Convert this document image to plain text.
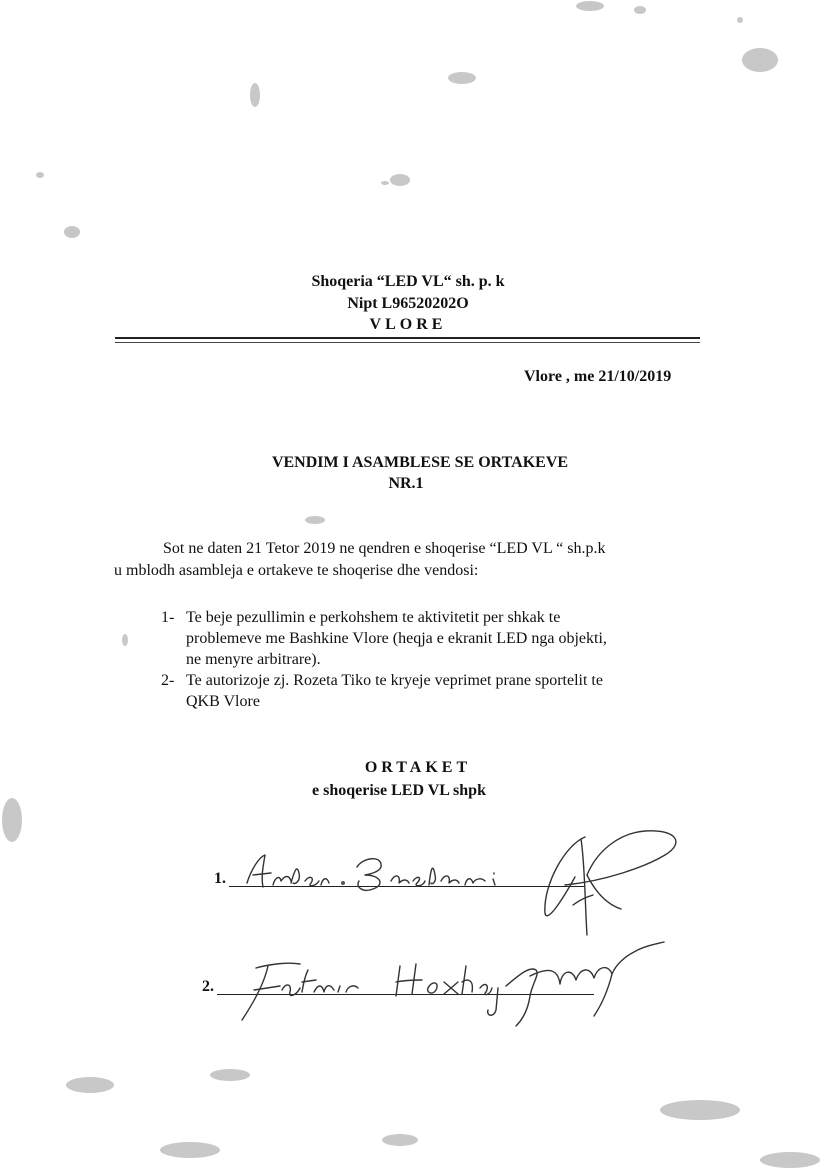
Shoqeria “LED VL“ sh. p. k
Nipt L96520202O
VLORE
Vlore , me 21/10/2019
VENDIM I ASAMBLESE SE ORTAKEVE
NR.1
Sot ne daten 21 Tetor 2019 ne qendren e shoqerise “LED VL “ sh.p.k
u mblodh asambleja e ortakeve te shoqerise dhe vendosi:
1- Te beje pezullimin e perkohshem te aktivitetit per shkak te
problemeve me Bashkine Vlore (heqja e ekranit LED nga objekti,
ne menyre arbitrare).
2- Te autorizoje zj. Rozeta Tiko te kryeje veprimet prane sportelit te
QKB Vlore
ORTAKET
e shoqerise LED VL shpk
1.
2.
